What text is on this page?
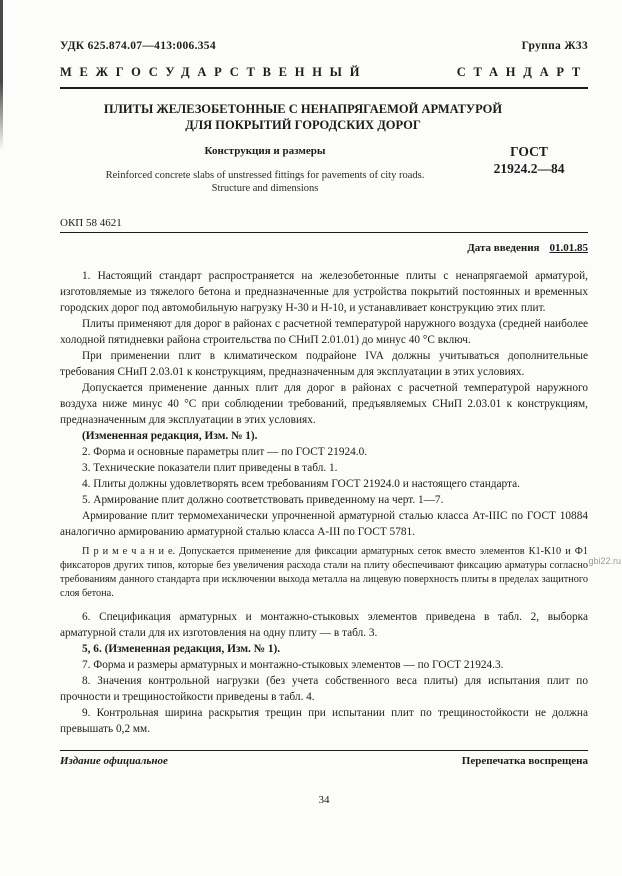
УДК 625.874.07—413:006.354	Группа Ж33
МЕЖГОСУДАРСТВЕННЫЙ	СТАНДАРТ
ПЛИТЫ ЖЕЛЕЗОБЕТОННЫЕ С НЕНАПРЯГАЕМОЙ АРМАТУРОЙ
ДЛЯ ПОКРЫТИЙ ГОРОДСКИХ ДОРОГ
Конструкция и размеры
Reinforced concrete slabs of unstressed fittings for pavements of city roads.
Structure and dimensions
ГОСТ
21924.2—84
ОКП 58 4621
Дата введения 01.01.85

1. Настоящий стандарт распространяется на железобетонные плиты с ненапрягаемой арматурой, изготовляемые из тяжелого бетона и предназначенные для устройства покрытий постоянных и временных городских дорог под автомобильную нагрузку Н-30 и Н-10, и устанавливает конструкцию этих плит.

Плиты применяют для дорог в районах с расчетной температурой наружного воздуха (средней наиболее холодной пятидневки района строительства по СНиП 2.01.01) до минус 40 °С включ.

При применении плит в климатическом подрайоне IVA должны учитываться дополнительные требования СНиП 2.03.01 к конструкциям, предназначенным для эксплуатации в этих условиях.

Допускается применение данных плит для дорог в районах с расчетной температурой наружного воздуха ниже минус 40 °С при соблюдении требований, предъявляемых СНиП 2.03.01 к конструкциям, предназначенным для эксплуатации в этих условиях.

(Измененная редакция, Изм. № 1).

2. Форма и основные параметры плит — по ГОСТ 21924.0.

3. Технические показатели плит приведены в табл. 1.

4. Плиты должны удовлетворять всем требованиям ГОСТ 21924.0 и настоящего стандарта.

5. Армирование плит должно соответствовать приведенному на черт. 1—7.

Армирование плит термомеханически упрочненной арматурной сталью класса Ат-IIIС по ГОСТ 10884 аналогично армированию арматурной сталью класса А-III по ГОСТ 5781.

П р и м е ч а н и е. Допускается применение для фиксации арматурных сеток вместо элементов К1-К10 и Ф1 фиксаторов других типов, которые без увеличения расхода стали на плиту обеспечивают фиксацию арматуры согласно требованиям данного стандарта при исключении выхода металла на лицевую поверхность плиты в пределах защитного слоя бетона.

6. Спецификация арматурных и монтажно-стыковых элементов приведена в табл. 2, выборка арматурной стали для их изготовления на одну плиту — в табл. 3.

5, 6. (Измененная редакция, Изм. № 1).

7. Форма и размеры арматурных и монтажно-стыковых элементов — по ГОСТ 21924.3.

8. Значения контрольной нагрузки (без учета собственного веса плиты) для испытания плит по прочности и трещиностойкости приведены в табл. 4.

9. Контрольная ширина раскрытия трещин при испытании плит по трещиностойкости не должна превышать 0,2 мм.

Издание официальное	Перепечатка воспрещена
34
gbi22.ru
